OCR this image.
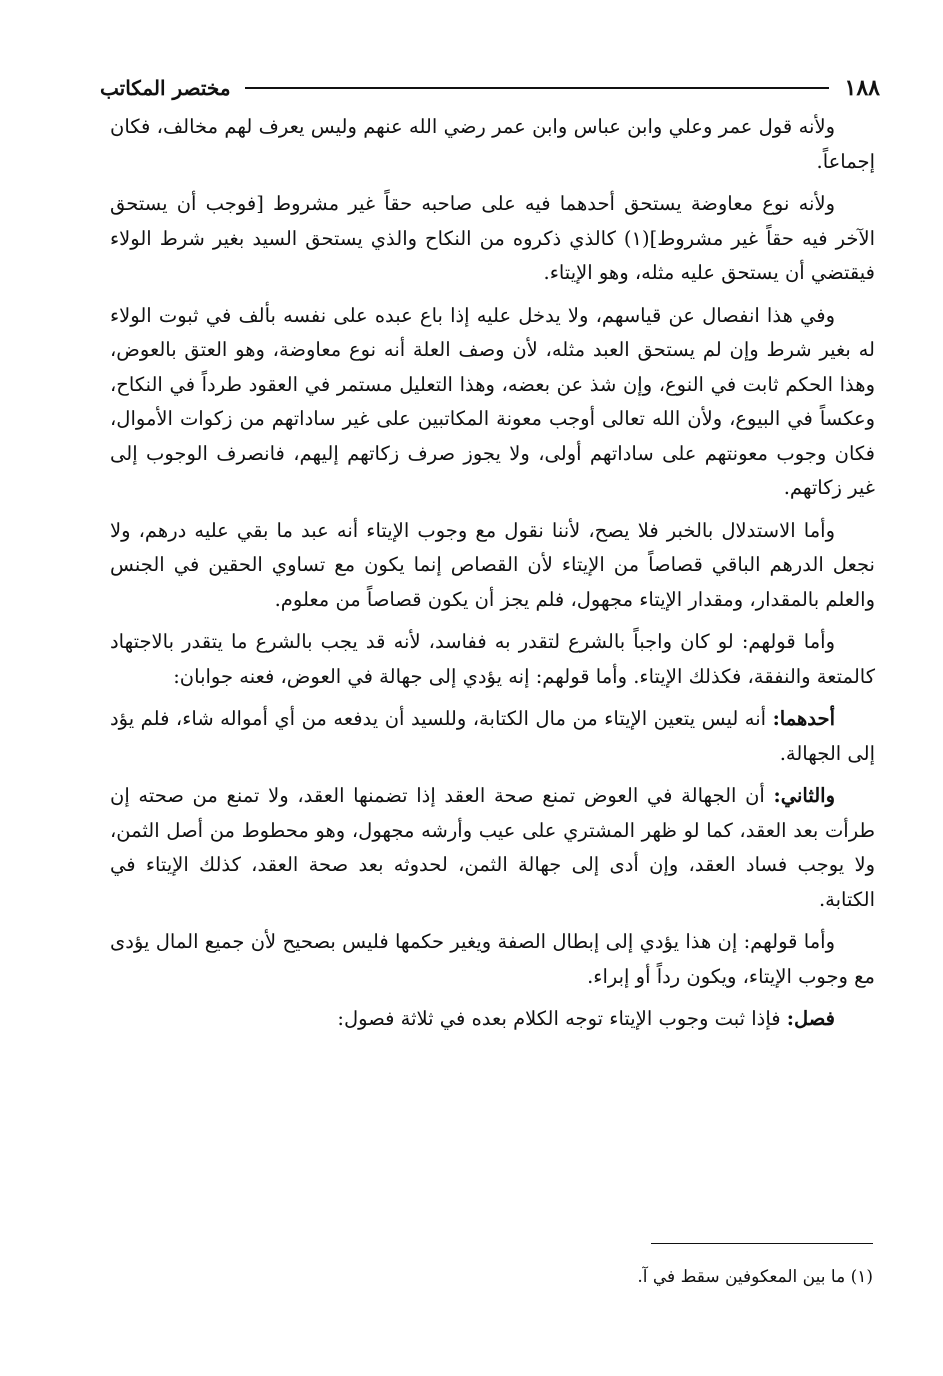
١٨٨
مختصر المكاتب

ولأنه قول عمر وعلي وابن عباس وابن عمر رضي الله عنهم وليس يعرف لهم مخالف، فكان إجماعاً.

ولأنه نوع معاوضة يستحق أحدهما فيه على صاحبه حقاً غير مشروط [فوجب أن يستحق الآخر فيه حقاً غير مشروط](١) كالذي ذكروه من النكاح والذي يستحق السيد بغير شرط الولاء فيقتضي أن يستحق عليه مثله، وهو الإيتاء.

وفي هذا انفصال عن قياسهم، ولا يدخل عليه إذا باع عبده على نفسه بألف في ثبوت الولاء له بغير شرط وإن لم يستحق العبد مثله، لأن وصف العلة أنه نوع معاوضة، وهو العتق بالعوض، وهذا الحكم ثابت في النوع، وإن شذ عن بعضه، وهذا التعليل مستمر في العقود طرداً في النكاح، وعكساً في البيوع، ولأن الله تعالى أوجب معونة المكاتبين على غير ساداتهم من زكوات الأموال، فكان وجوب معونتهم على ساداتهم أولى، ولا يجوز صرف زكاتهم إليهم، فانصرف الوجوب إلى غير زكاتهم.

وأما الاستدلال بالخبر فلا يصح، لأننا نقول مع وجوب الإيتاء أنه عبد ما بقي عليه درهم، ولا نجعل الدرهم الباقي قصاصاً من الإيتاء لأن القصاص إنما يكون مع تساوي الحقين في الجنس والعلم بالمقدار، ومقدار الإيتاء مجهول، فلم يجز أن يكون قصاصاً من معلوم.

وأما قولهم: لو كان واجباً بالشرع لتقدر به ففاسد، لأنه قد يجب بالشرع ما يتقدر بالاجتهاد كالمتعة والنفقة، فكذلك الإيتاء. وأما قولهم: إنه يؤدي إلى جهالة في العوض، فعنه جوابان:

أحدهما: أنه ليس يتعين الإيتاء من مال الكتابة، وللسيد أن يدفعه من أي أمواله شاء، فلم يؤد إلى الجهالة.

والثاني: أن الجهالة في العوض تمنع صحة العقد إذا تضمنها العقد، ولا تمنع من صحته إن طرأت بعد العقد، كما لو ظهر المشتري على عيب وأرشه مجهول، وهو محطوط من أصل الثمن، ولا يوجب فساد العقد، وإن أدى إلى جهالة الثمن، لحدوثه بعد صحة العقد، كذلك الإيتاء في الكتابة.

وأما قولهم: إن هذا يؤدي إلى إبطال الصفة ويغير حكمها فليس بصحيح لأن جميع المال يؤدى مع وجوب الإيتاء، ويكون رداً أو إبراء.

فصل: فإذا ثبت وجوب الإيتاء توجه الكلام بعده في ثلاثة فصول:

(١) ما بين المعكوفين سقط في آ.
